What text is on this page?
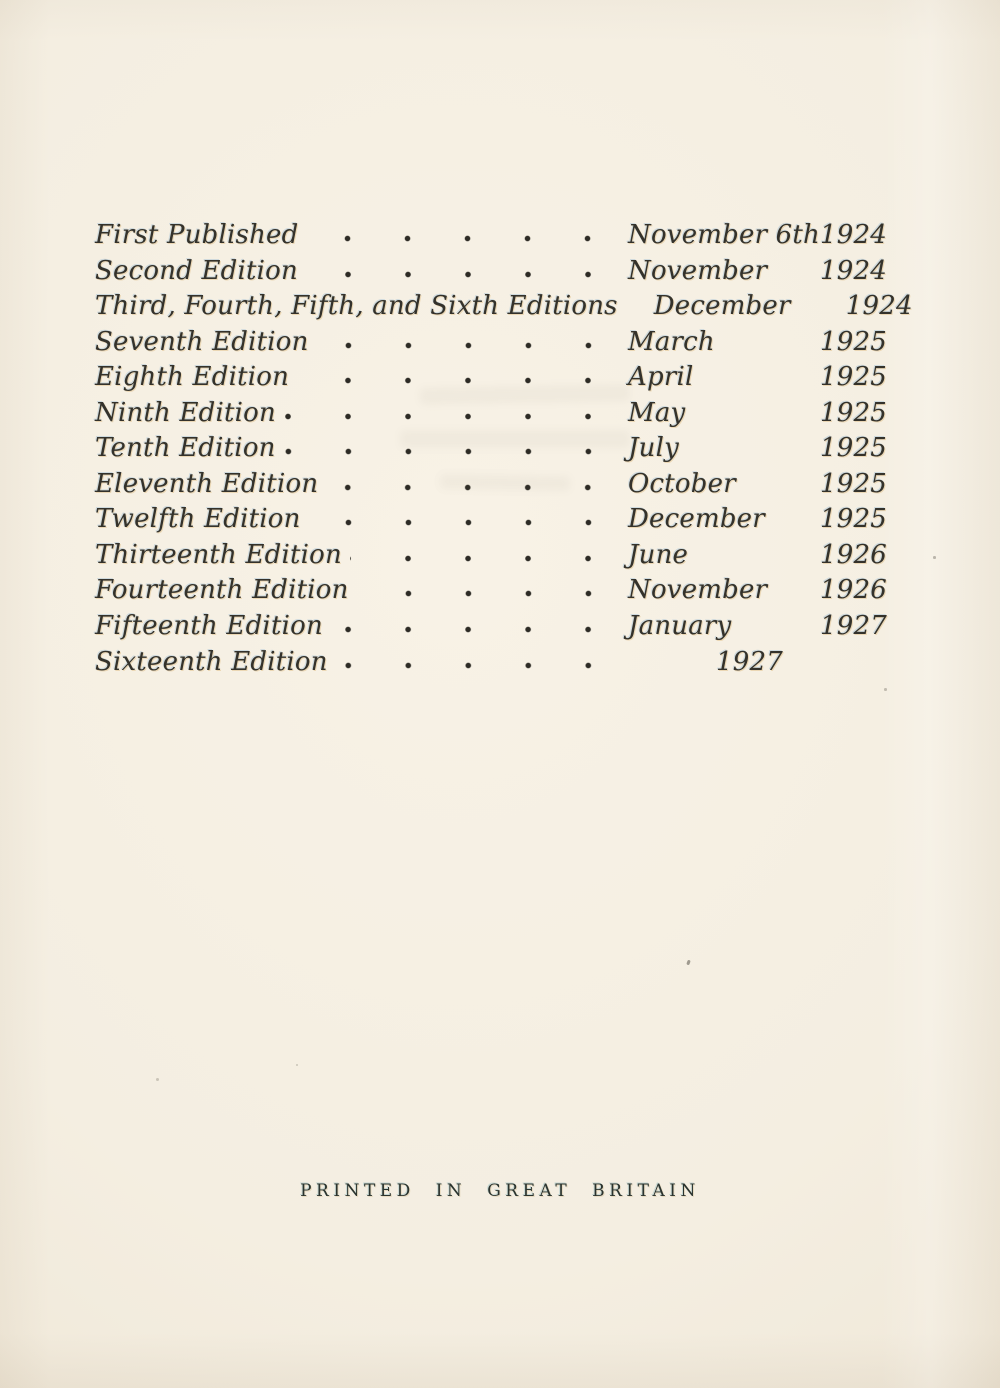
First Published	November 6th 1924
Second Edition	November	1924
Third, Fourth, Fifth, and Sixth Editions	December	1924
Seventh Edition	March	1925
Eighth Edition	April	1925
Ninth Edition	May	1925
Tenth Edition	July	1925
Eleventh Edition	October	1925
Twelfth Edition	December	1925
Thirteenth Edition	June	1926
Fourteenth Edition	November	1926
Fifteenth Edition	January	1927
Sixteenth Edition	1927
PRINTED IN GREAT BRITAIN
